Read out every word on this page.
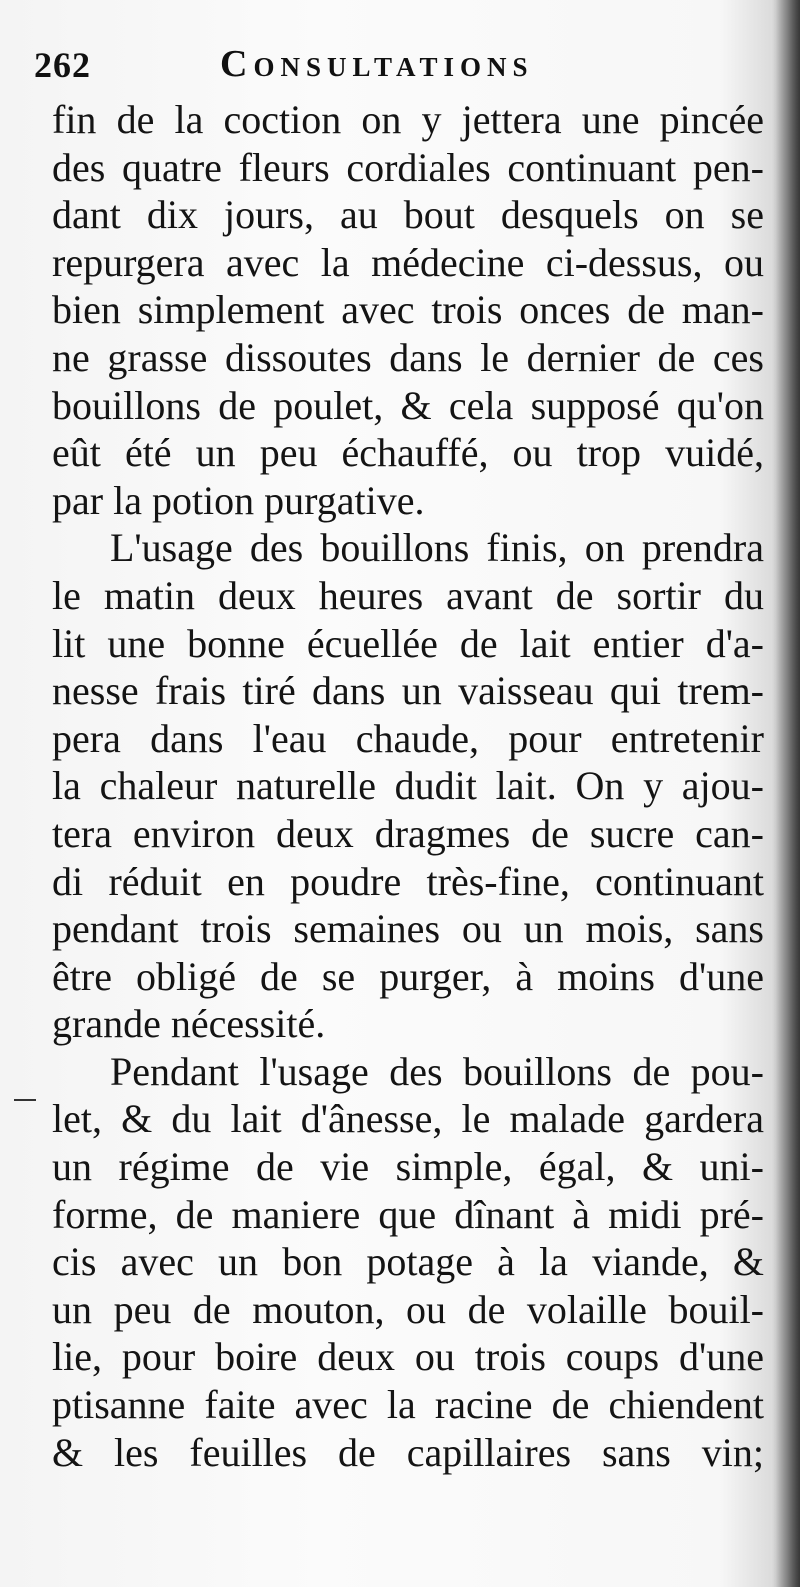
262	Consultations
fin de la coction on y jettera une pincée
des quatre fleurs cordiales continuant pen-
dant dix jours, au bout desquels on se
repurgera avec la médecine ci-dessus, ou
bien simplement avec trois onces de man-
ne grasse dissoutes dans le dernier de ces
bouillons de poulet, & cela supposé qu'on
eût été un peu échauffé, ou trop vuidé,
par la potion purgative.
L'usage des bouillons finis, on prendra
le matin deux heures avant de sortir du
lit une bonne écuellée de lait entier d'a-
nesse frais tiré dans un vaisseau qui trem-
pera dans l'eau chaude, pour entretenir
la chaleur naturelle dudit lait. On y ajou-
tera environ deux dragmes de sucre can-
di réduit en poudre très-fine, continuant
pendant trois semaines ou un mois, sans
être obligé de se purger, à moins d'une
grande nécessité.
Pendant l'usage des bouillons de pou-
let, & du lait d'ânesse, le malade gardera
un régime de vie simple, égal, & uni-
forme, de maniere que dînant à midi pré-
cis avec un bon potage à la viande, &
un peu de mouton, ou de volaille bouil-
lie, pour boire deux ou trois coups d'une
ptisanne faite avec la racine de chiendent
& les feuilles de capillaires sans vin;
